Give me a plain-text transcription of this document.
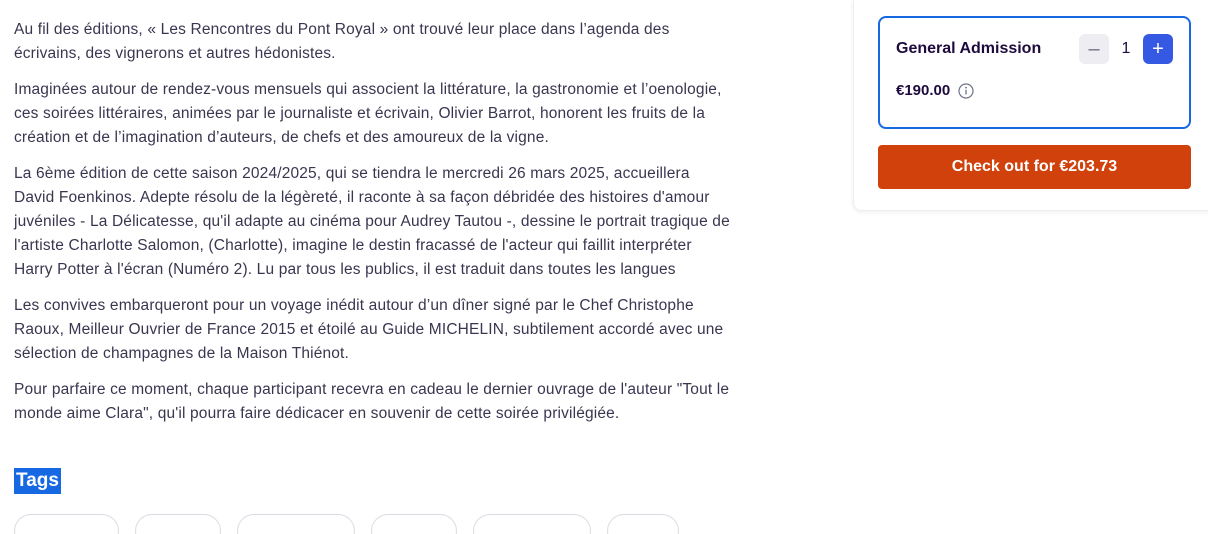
Au fil des éditions, « Les Rencontres du Pont Royal » ont trouvé leur place dans l’agenda des écrivains, des vignerons et autres hédonistes.

Imaginées autour de rendez-vous mensuels qui associent la littérature, la gastronomie et l’oenologie, ces soirées littéraires, animées par le journaliste et écrivain, Olivier Barrot, honorent les fruits de la création et de l’imagination d’auteurs, de chefs et des amoureux de la vigne.

La 6ème édition de cette saison 2024/2025, qui se tiendra le mercredi 26 mars 2025, accueillera David Foenkinos. Adepte résolu de la légèreté, il raconte à sa façon débridée des histoires d'amour juvéniles - La Délicatesse, qu'il adapte au cinéma pour Audrey Tautou -, dessine le portrait tragique de l'artiste Charlotte Salomon, (Charlotte), imagine le destin fracassé de l'acteur qui faillit interpréter Harry Potter à l'écran (Numéro 2). Lu par tous les publics, il est traduit dans toutes les langues

Les convives embarqueront pour un voyage inédit autour d’un dîner signé par le Chef Christophe Raoux, Meilleur Ouvrier de France 2015 et étoilé au Guide MICHELIN, subtilement accordé avec une sélection de champagnes de la Maison Thiénot.

Pour parfaire ce moment, chaque participant recevra en cadeau le dernier ouvrage de l'auteur "Tout le monde aime Clara", qu'il pourra faire dédicacer en souvenir de cette soirée privilégiée.

Tags
General Admission	–	1	+
€190.00
Check out for €203.73
